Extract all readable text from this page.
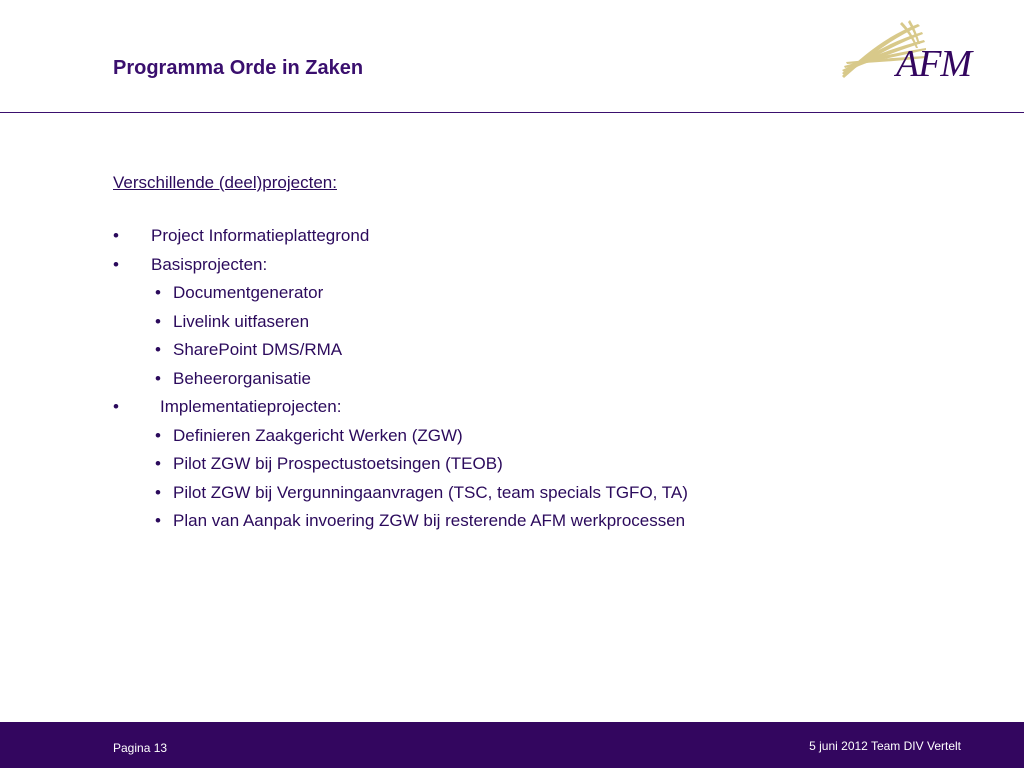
Programma Orde in Zaken	AFM

Verschillende (deel)projecten:

• Project Informatieplattegrond
• Basisprojecten:
• Documentgenerator
• Livelink uitfaseren
• SharePoint DMS/RMA
• Beheerorganisatie
• Implementatieprojecten:
• Definieren Zaakgericht Werken (ZGW)
• Pilot ZGW bij Prospectustoetsingen (TEOB)
• Pilot ZGW bij Vergunningaanvragen (TSC, team specials TGFO, TA)
• Plan van Aanpak invoering ZGW bij resterende AFM werkprocessen
Pagina 13	5 juni 2012 Team DIV Vertelt
